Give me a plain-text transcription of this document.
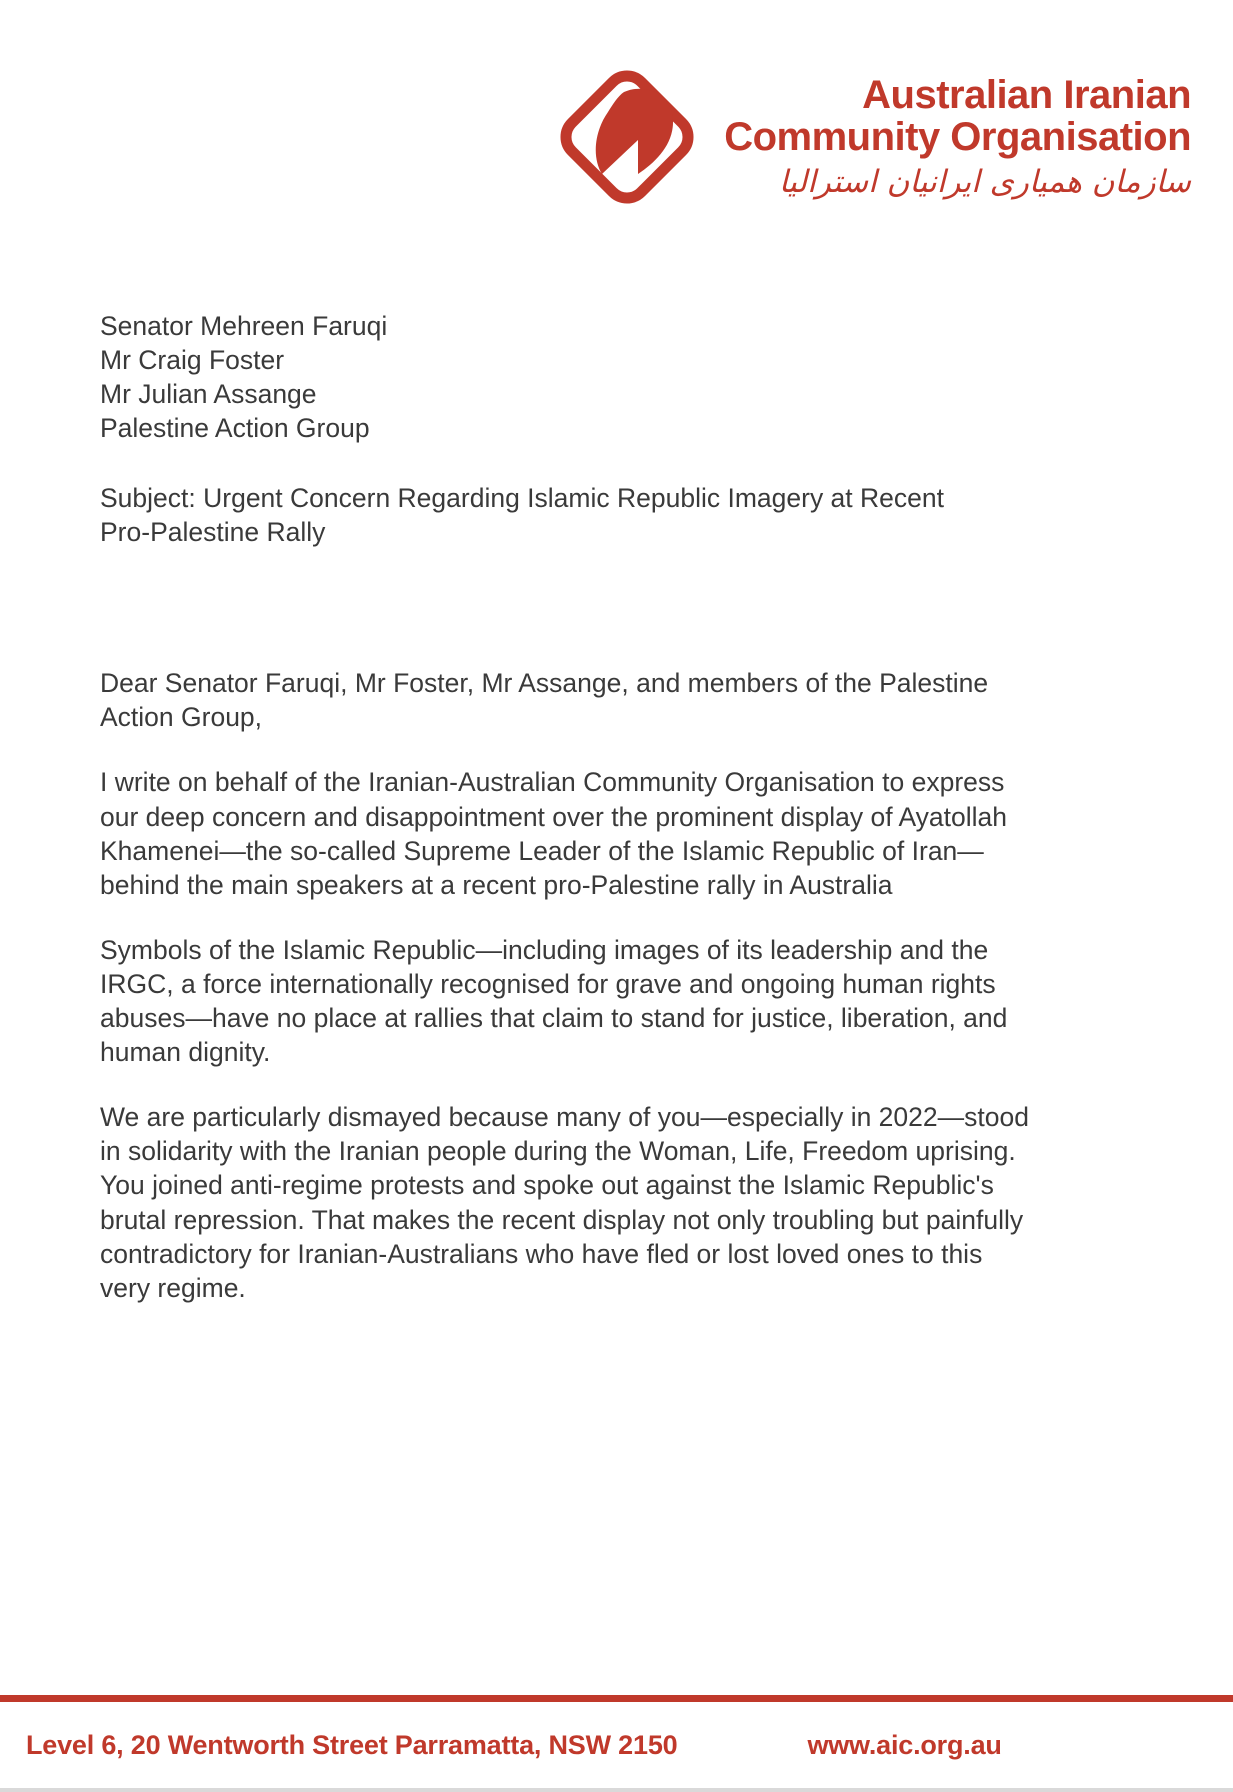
Australian Iranian
Community Organisation
سازمان همیاری ایرانیان استرالیا
Senator Mehreen Faruqi
Mr Craig Foster
Mr Julian Assange
Palestine Action Group
Subject: Urgent Concern Regarding Islamic Republic Imagery at Recent Pro-Palestine Rally
Dear Senator Faruqi, Mr Foster, Mr Assange, and members of the Palestine Action Group,

I write on behalf of the Iranian-Australian Community Organisation to express our deep concern and disappointment over the prominent display of Ayatollah Khamenei—the so-called Supreme Leader of the Islamic Republic of Iran—behind the main speakers at a recent pro-Palestine rally in Australia

Symbols of the Islamic Republic—including images of its leadership and the IRGC, a force internationally recognised for grave and ongoing human rights abuses—have no place at rallies that claim to stand for justice, liberation, and human dignity.

We are particularly dismayed because many of you—especially in 2022—stood in solidarity with the Iranian people during the Woman, Life, Freedom uprising. You joined anti-regime protests and spoke out against the Islamic Republic's brutal repression. That makes the recent display not only troubling but painfully contradictory for Iranian-Australians who have fled or lost loved ones to this very regime.

Level 6, 20 Wentworth Street Parramatta, NSW 2150	www.aic.org.au
